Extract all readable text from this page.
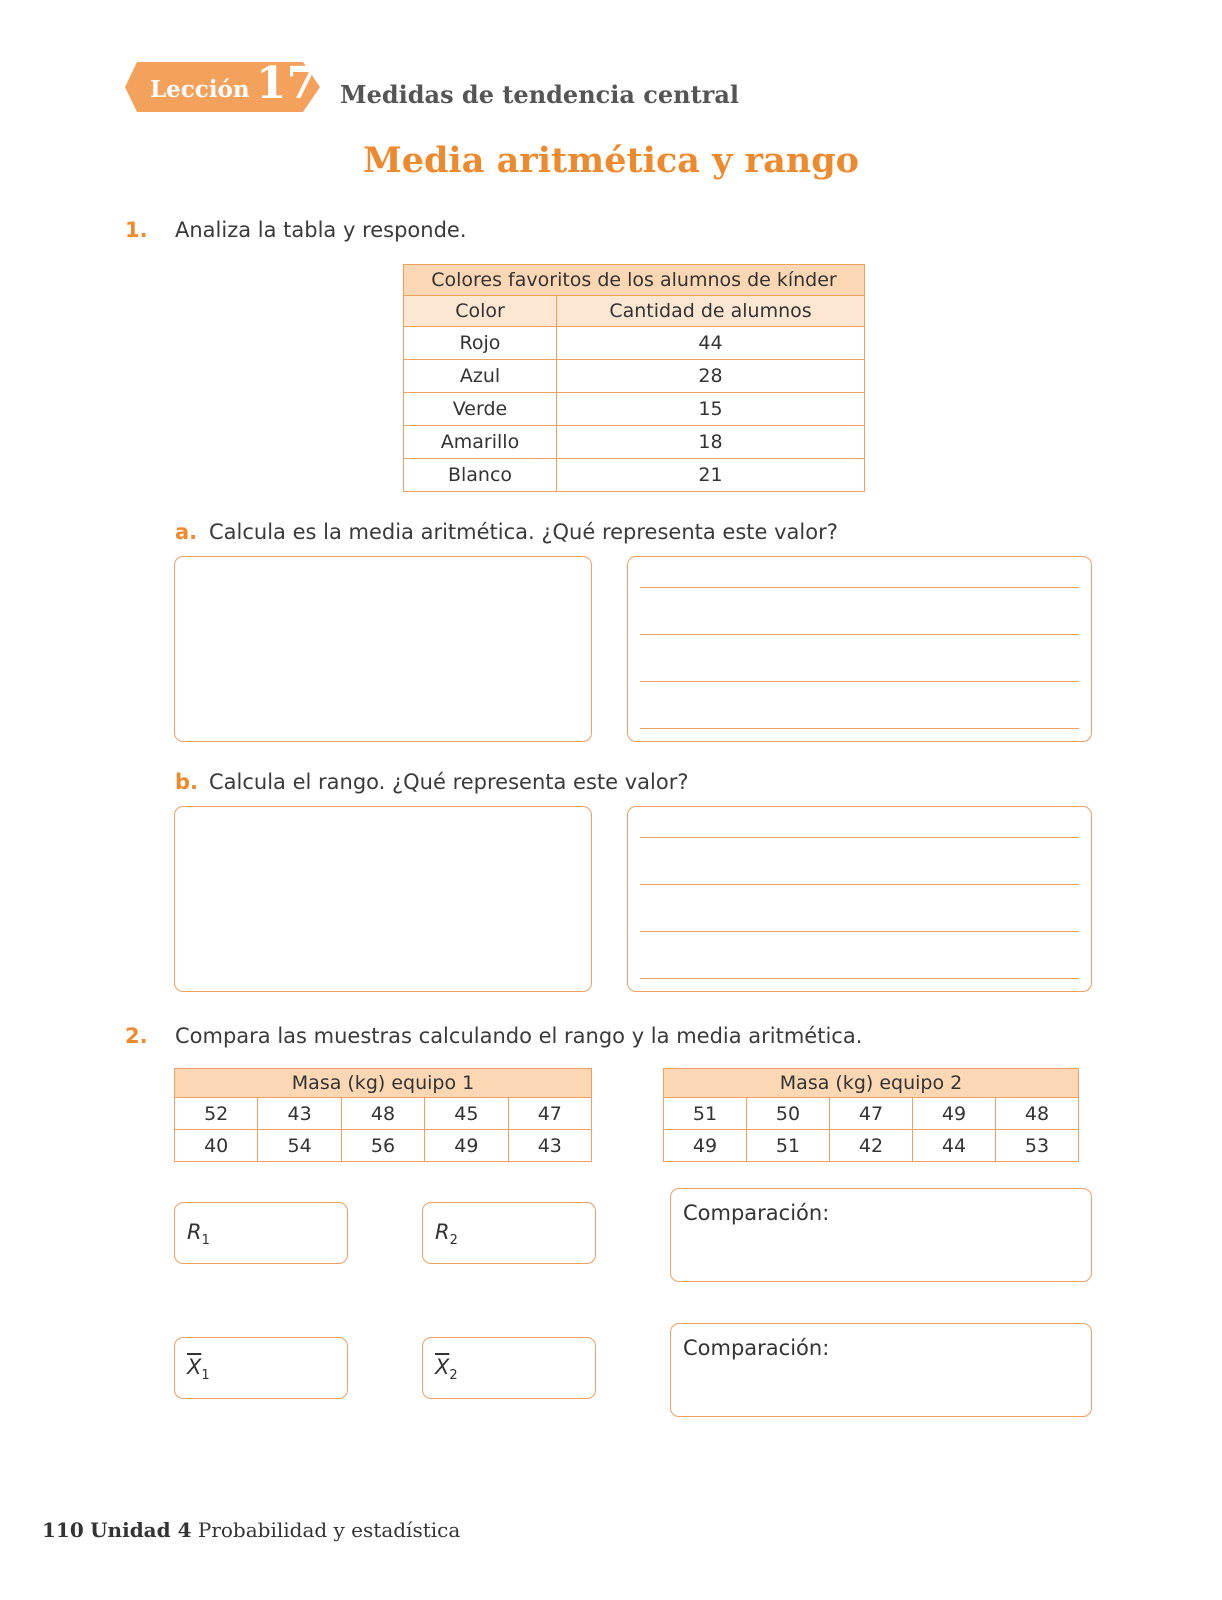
Lección 17 Medidas de tendencia central
Media aritmética y rango
1. Analiza la tabla y responde.
Colores favoritos de los alumnos de kínder	
Color	Cantidad de alumnos
Rojo	44
Azul	28
Verde	15
Amarillo	18
Blanco	21
a. Calcula es la media aritmética. ¿Qué representa este valor?
b. Calcula el rango. ¿Qué representa este valor?
2. Compara las muestras calculando el rango y la media aritmética.
Masa (kg) equipo 1				
52	43	48	45	47
40	54	56	49	43
Masa (kg) equipo 2				
51	50	47	49	48
49	51	42	44	53
$R_1$	$R_2$
Comparación:
$\overline{X}_1$	$\overline{X}_2$
Comparación:
110 Unidad 4 Probabilidad y estadística
